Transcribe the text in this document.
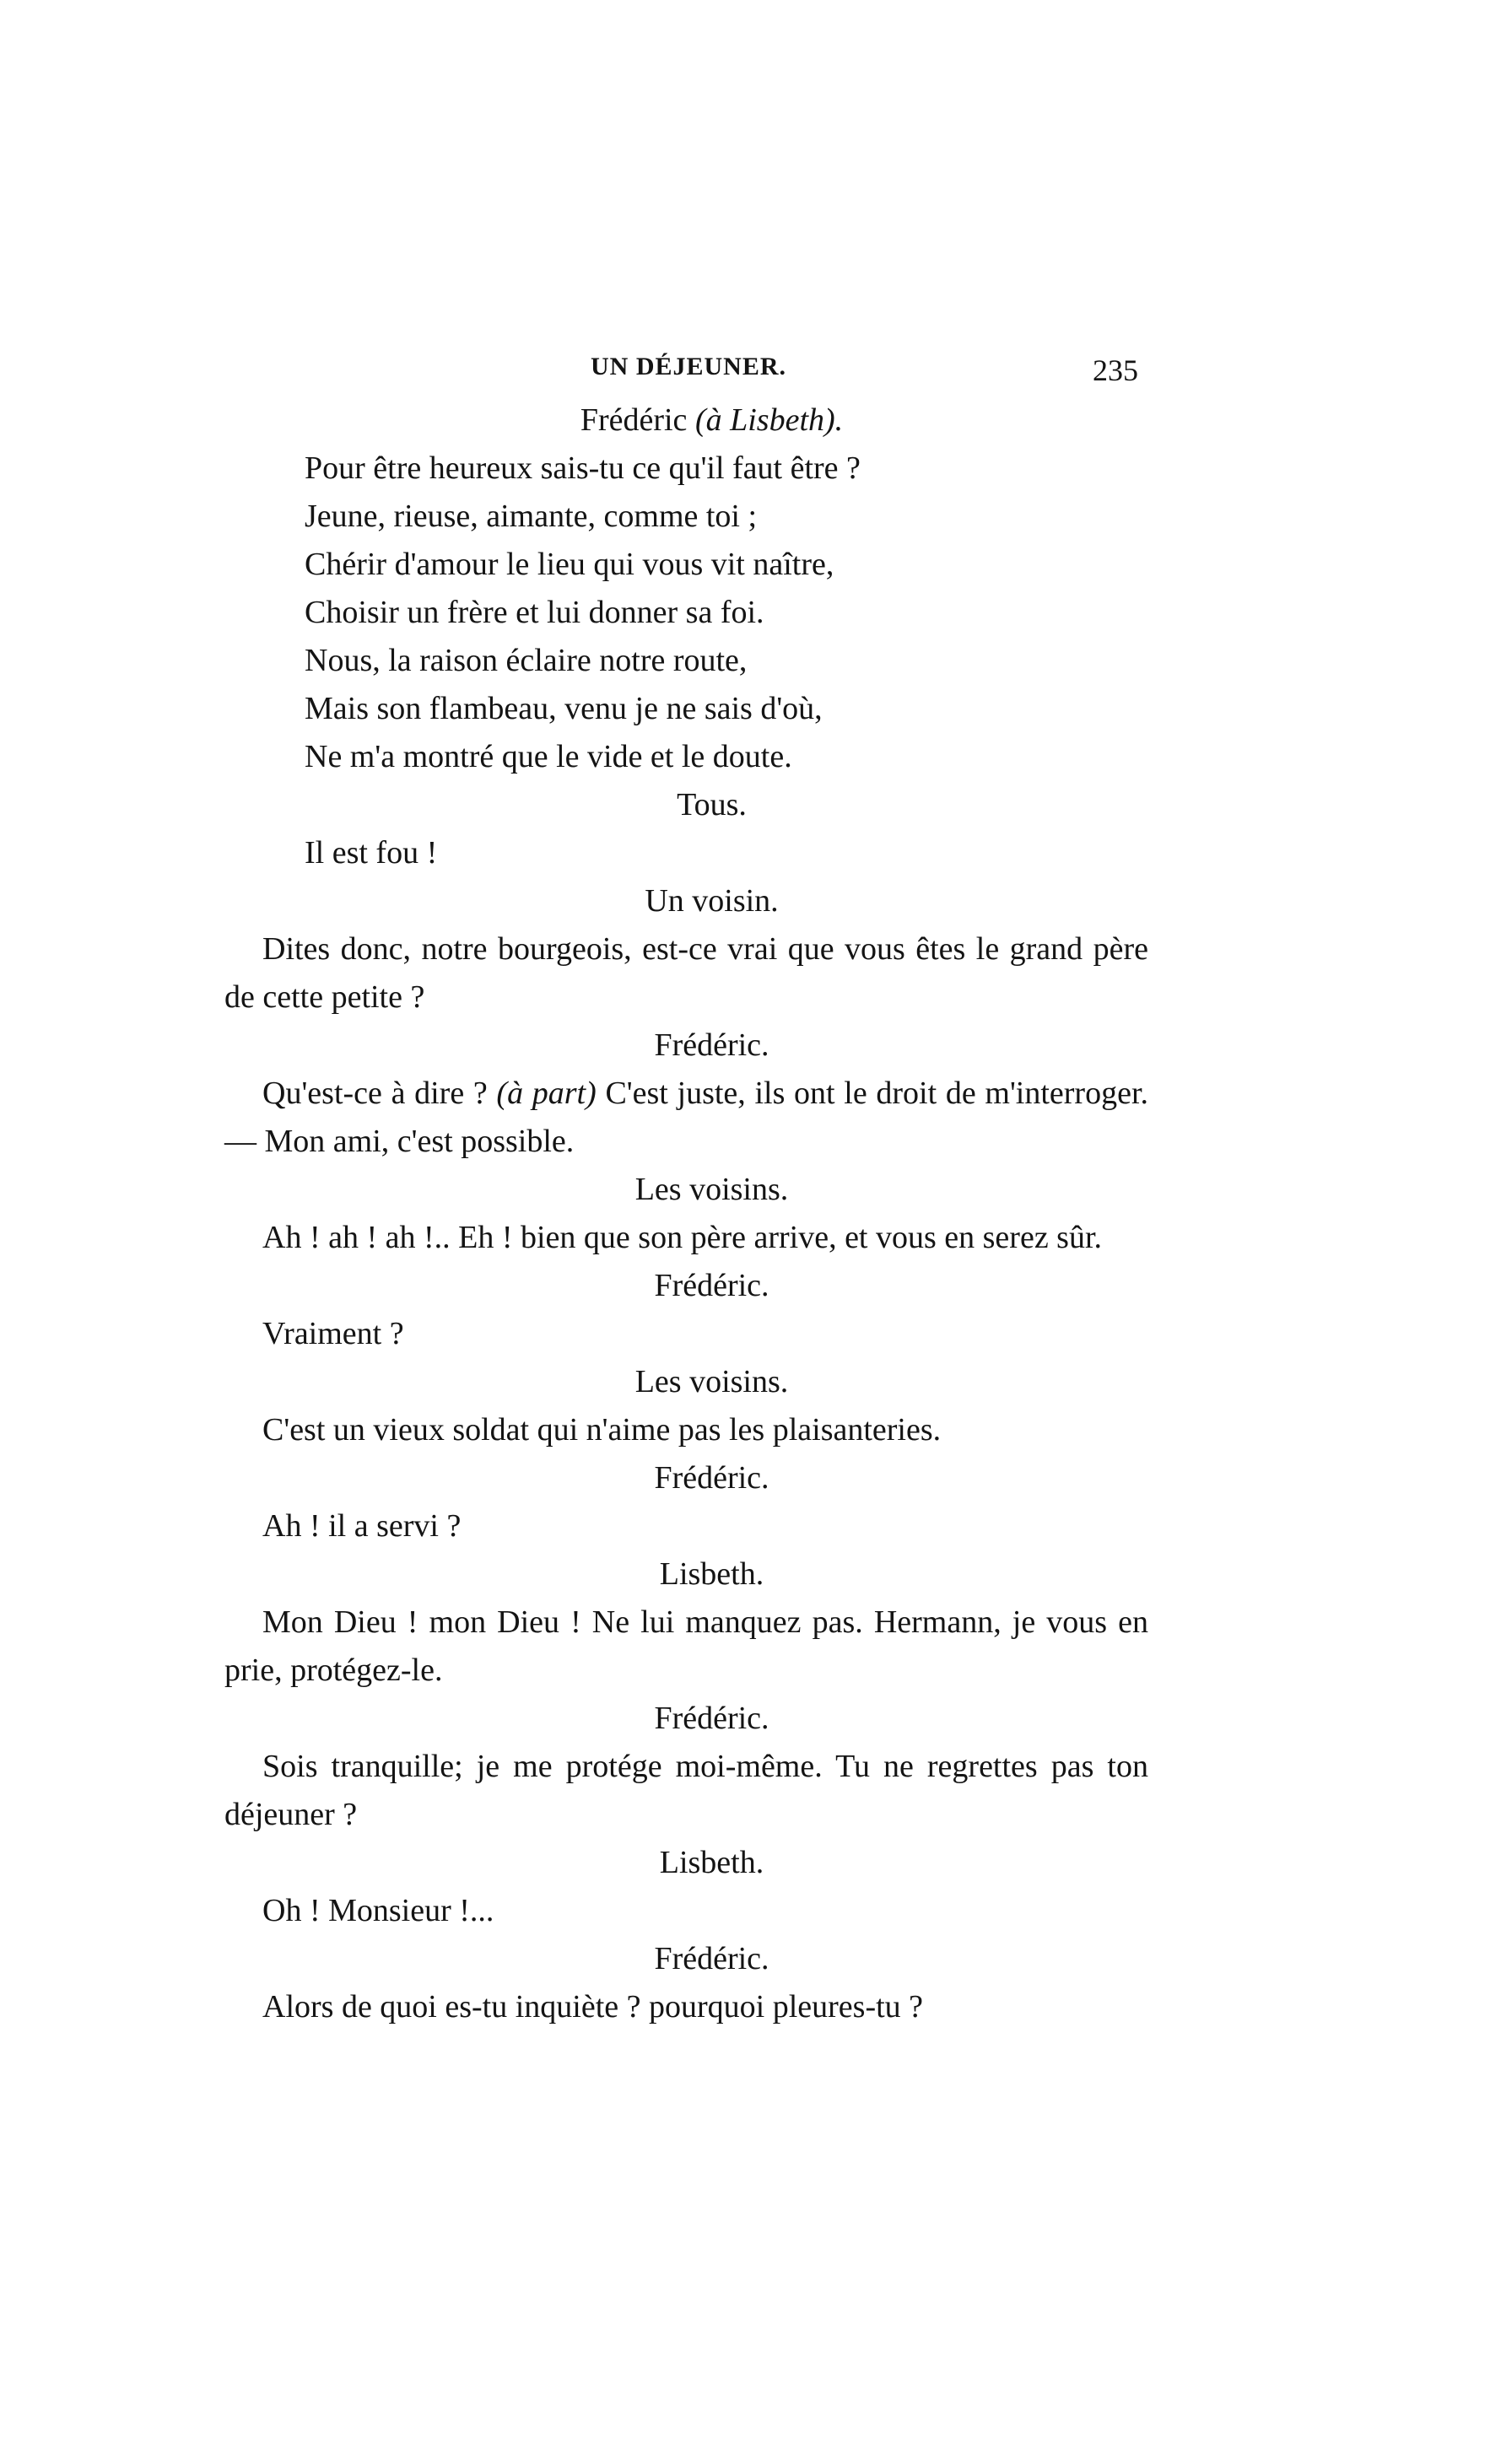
UN DÉJEUNER.	235
Frédéric (à Lisbeth).
Pour être heureux sais-tu ce qu'il faut être ?
Jeune, rieuse, aimante, comme toi ;
Chérir d'amour le lieu qui vous vit naître,
Choisir un frère et lui donner sa foi.
Nous, la raison éclaire notre route,
Mais son flambeau, venu je ne sais d'où,
Ne m'a montré que le vide et le doute.
Tous.
Il est fou !
Un voisin.
Dites donc, notre bourgeois, est-ce vrai que vous êtes le grand père de cette petite ?
Frédéric.
Qu'est-ce à dire ? (à part) C'est juste, ils ont le droit de m'interroger. — Mon ami, c'est possible.
Les voisins.
Ah ! ah ! ah !.. Eh ! bien que son père arrive, et vous en serez sûr.
Frédéric.
Vraiment ?
Les voisins.
C'est un vieux soldat qui n'aime pas les plaisanteries.
Frédéric.
Ah ! il a servi ?
Lisbeth.
Mon Dieu ! mon Dieu ! Ne lui manquez pas. Hermann, je vous en prie, protégez-le.
Frédéric.
Sois tranquille; je me protége moi-même. Tu ne regrettes pas ton déjeuner ?
Lisbeth.
Oh ! Monsieur !...
Frédéric.
Alors de quoi es-tu inquiète ? pourquoi pleures-tu ?
